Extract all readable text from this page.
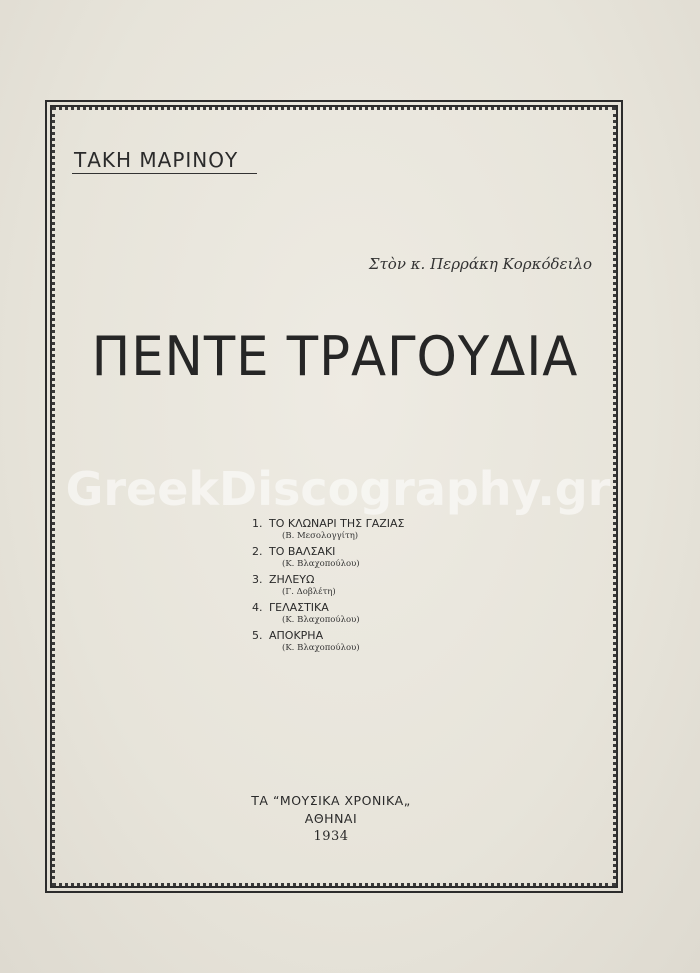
ΤΑΚΗ ΜΑΡΙΝΟΥ
Στὸν κ. Περράκη Κορκόδειλο
ΠΕΝΤΕ ΤΡΑΓΟΥΔΙΑ
GreekDiscography.gr
1. ΤΟ ΚΛΩΝΑΡΙ ΤΗΣ ΓΑΖΙΑΣ
(Β. Μεσολογγίτη)
2. ΤΟ ΒΑΛΣΑΚΙ
(Κ. Βλαχοπούλου)
3. ΖΗΛΕΥΩ
(Γ. Δοβλέτη)
4. ΓΕΛΑΣΤΙΚΑ
(Κ. Βλαχοπούλου)
5. ΑΠΟΚΡΗΑ
(Κ. Βλαχοπούλου)
ΤΑ “ΜΟΥΣΙΚΑ ΧΡΟΝΙΚΑ„
ΑΘΗΝΑΙ
1934
